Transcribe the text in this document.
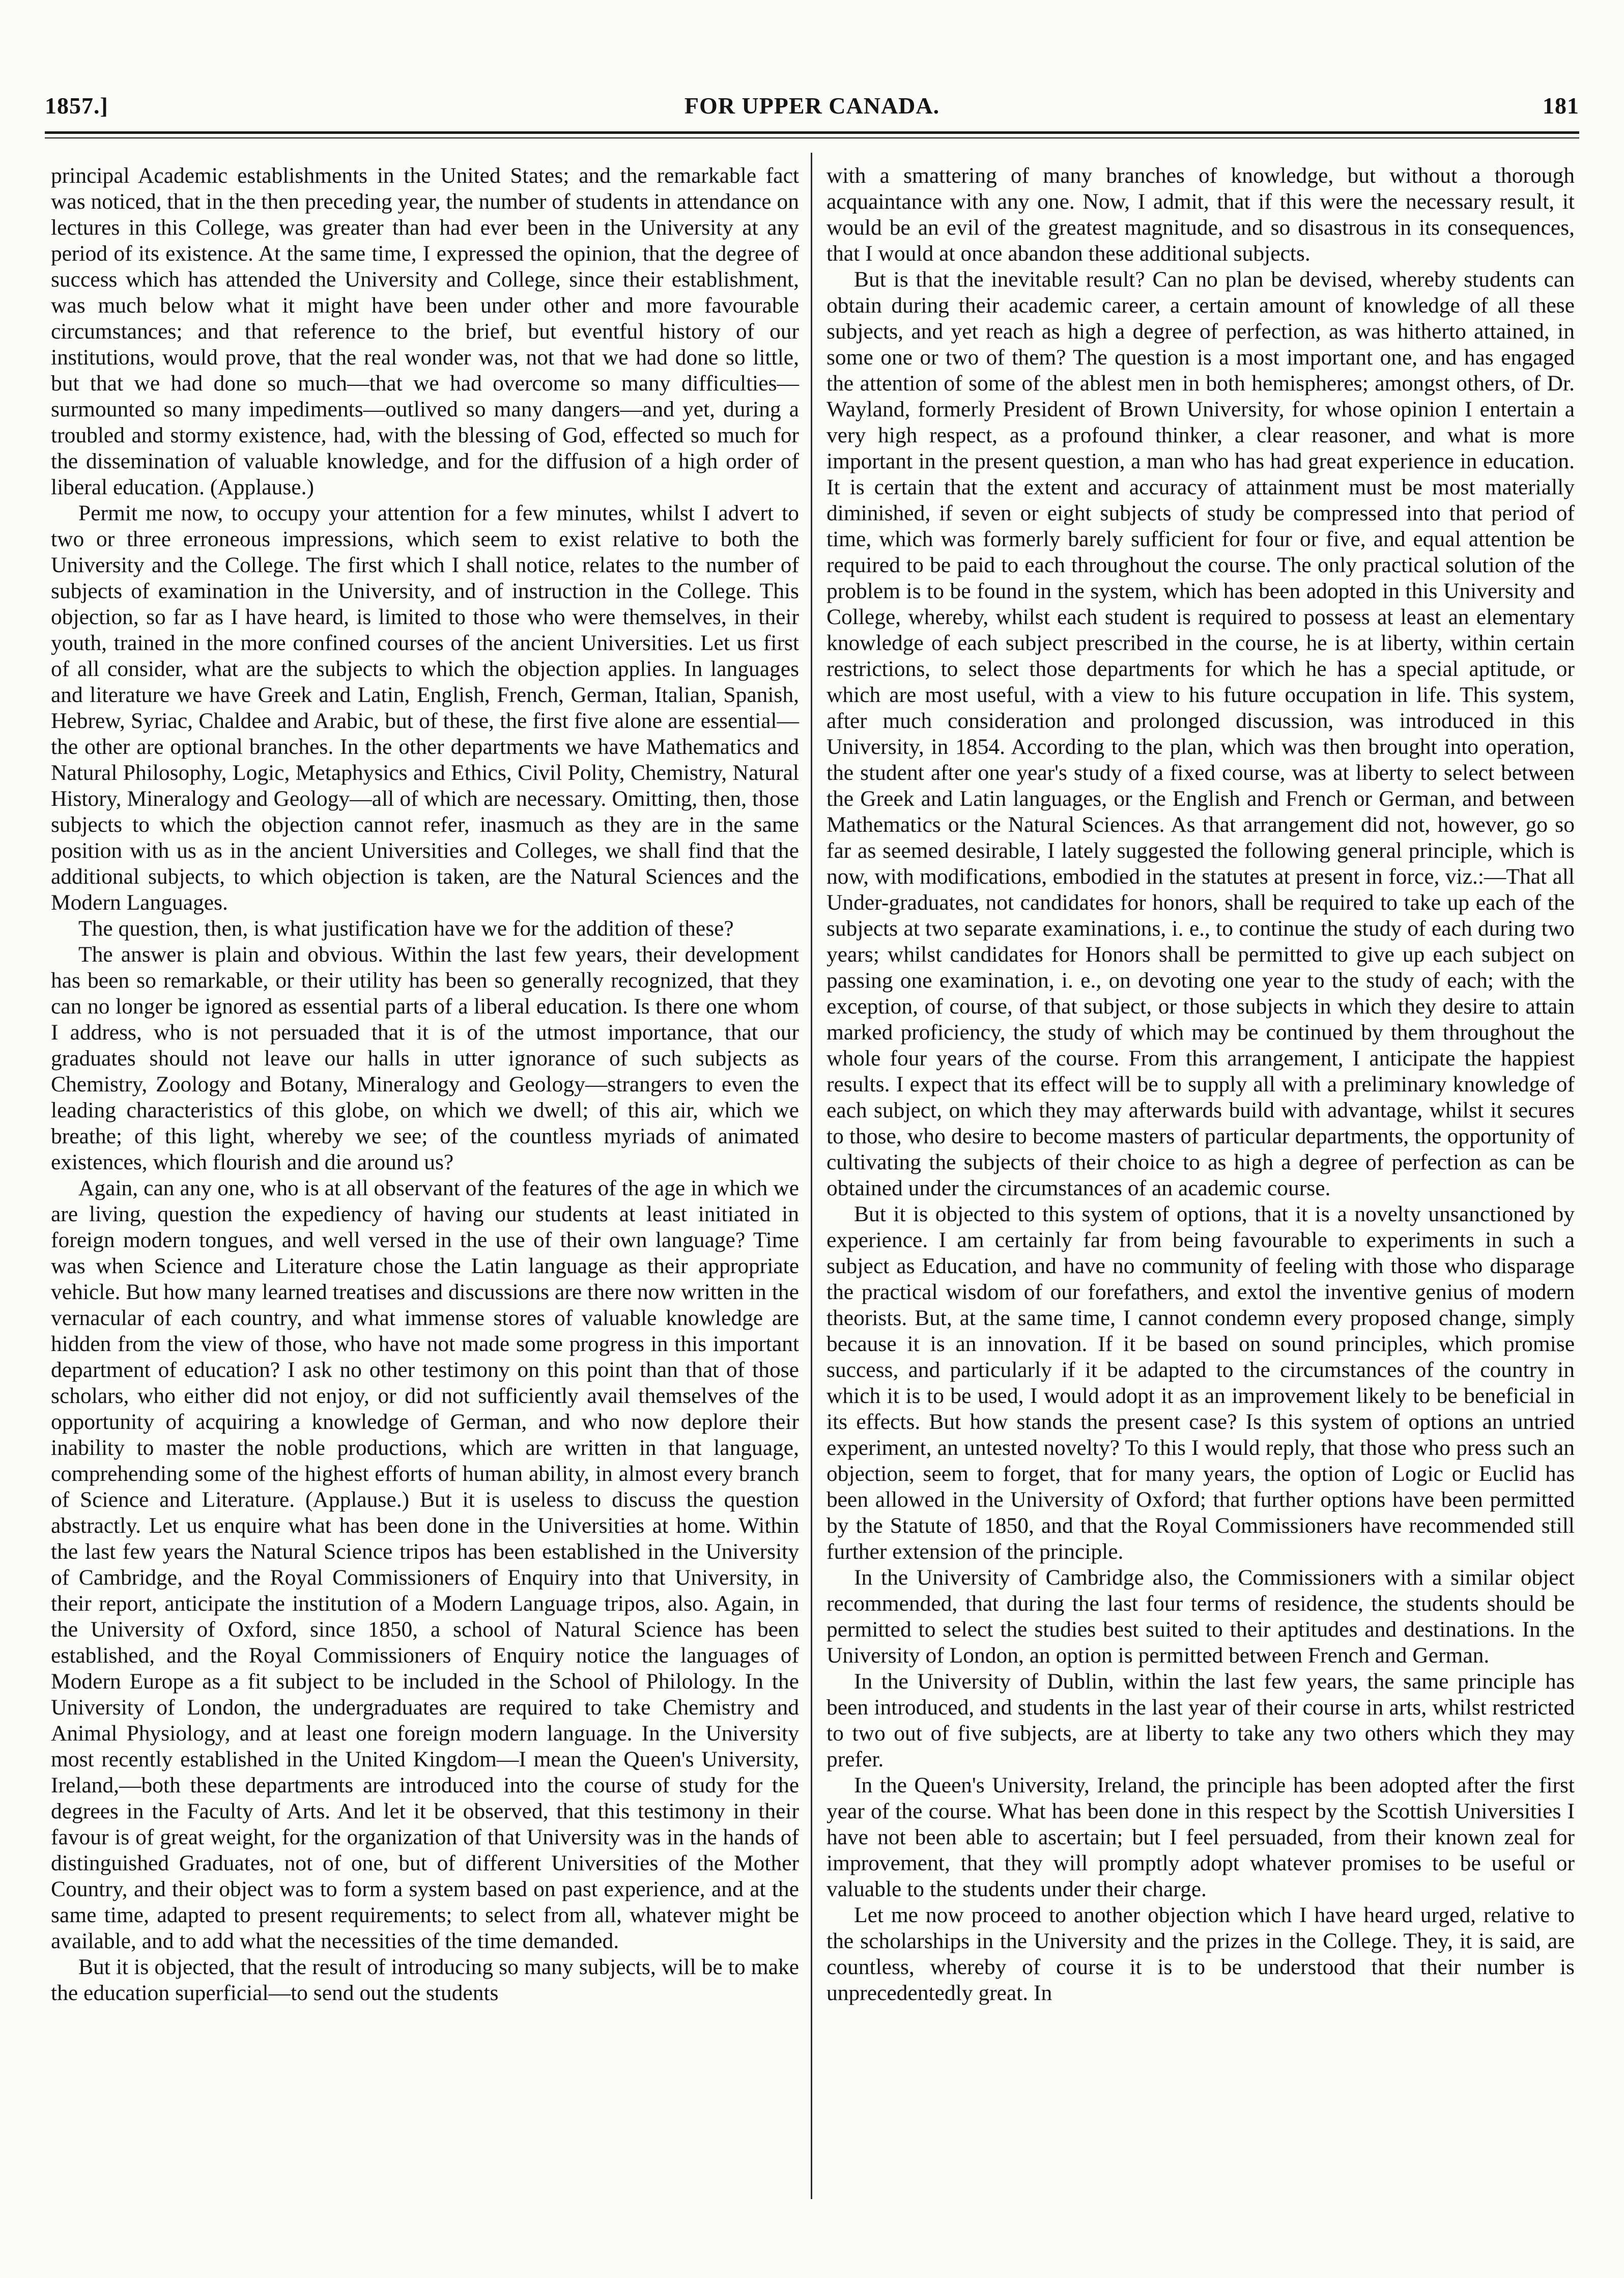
1857.]	FOR UPPER CANADA.	181

principal Academic establishments in the United States; and the remarkable fact was noticed, that in the then preceding year, the number of students in attendance on lectures in this College, was greater than had ever been in the University at any period of its existence. At the same time, I expressed the opinion, that the degree of success which has attended the University and College, since their establishment, was much below what it might have been under other and more favourable circumstances; and that reference to the brief, but eventful history of our institutions, would prove, that the real wonder was, not that we had done so little, but that we had done so much—that we had overcome so many difficulties—surmounted so many impediments—outlived so many dangers—and yet, during a troubled and stormy existence, had, with the blessing of God, effected so much for the dissemination of valuable knowledge, and for the diffusion of a high order of liberal education. (Applause.)

Permit me now, to occupy your attention for a few minutes, whilst I advert to two or three erroneous impressions, which seem to exist relative to both the University and the College. The first which I shall notice, relates to the number of subjects of examination in the University, and of instruction in the College. This objection, so far as I have heard, is limited to those who were themselves, in their youth, trained in the more confined courses of the ancient Universities. Let us first of all consider, what are the subjects to which the objection applies. In languages and literature we have Greek and Latin, English, French, German, Italian, Spanish, Hebrew, Syriac, Chaldee and Arabic, but of these, the first five alone are essential—the other are optional branches. In the other departments we have Mathematics and Natural Philosophy, Logic, Metaphysics and Ethics, Civil Polity, Chemistry, Natural History, Mineralogy and Geology—all of which are necessary. Omitting, then, those subjects to which the objection cannot refer, inasmuch as they are in the same position with us as in the ancient Universities and Colleges, we shall find that the additional subjects, to which objection is taken, are the Natural Sciences and the Modern Languages.

The question, then, is what justification have we for the addition of these?

The answer is plain and obvious. Within the last few years, their development has been so remarkable, or their utility has been so generally recognized, that they can no longer be ignored as essential parts of a liberal education. Is there one whom I address, who is not persuaded that it is of the utmost importance, that our graduates should not leave our halls in utter ignorance of such subjects as Chemistry, Zoology and Botany, Mineralogy and Geology—strangers to even the leading characteristics of this globe, on which we dwell; of this air, which we breathe; of this light, whereby we see; of the countless myriads of animated existences, which flourish and die around us?

Again, can any one, who is at all observant of the features of the age in which we are living, question the expediency of having our students at least initiated in foreign modern tongues, and well versed in the use of their own language? Time was when Science and Literature chose the Latin language as their appropriate vehicle. But how many learned treatises and discussions are there now written in the vernacular of each country, and what immense stores of valuable knowledge are hidden from the view of those, who have not made some progress in this important department of education? I ask no other testimony on this point than that of those scholars, who either did not enjoy, or did not sufficiently avail themselves of the opportunity of acquiring a knowledge of German, and who now deplore their inability to master the noble productions, which are written in that language, comprehending some of the highest efforts of human ability, in almost every branch of Science and Literature. (Applause.) But it is useless to discuss the question abstractly. Let us enquire what has been done in the Universities at home. Within the last few years the Natural Science tripos has been established in the University of Cambridge, and the Royal Commissioners of Enquiry into that University, in their report, anticipate the institution of a Modern Language tripos, also. Again, in the University of Oxford, since 1850, a school of Natural Science has been established, and the Royal Commissioners of Enquiry notice the languages of Modern Europe as a fit subject to be included in the School of Philology. In the University of London, the undergraduates are required to take Chemistry and Animal Physiology, and at least one foreign modern language. In the University most recently established in the United Kingdom—I mean the Queen's University, Ireland,—both these departments are introduced into the course of study for the degrees in the Faculty of Arts. And let it be observed, that this testimony in their favour is of great weight, for the organization of that University was in the hands of distinguished Graduates, not of one, but of different Universities of the Mother Country, and their object was to form a system based on past experience, and at the same time, adapted to present requirements; to select from all, whatever might be available, and to add what the necessities of the time demanded.

But it is objected, that the result of introducing so many subjects, will be to make the education superficial—to send out the students

with a smattering of many branches of knowledge, but without a thorough acquaintance with any one. Now, I admit, that if this were the necessary result, it would be an evil of the greatest magnitude, and so disastrous in its consequences, that I would at once abandon these additional subjects.

But is that the inevitable result? Can no plan be devised, whereby students can obtain during their academic career, a certain amount of knowledge of all these subjects, and yet reach as high a degree of perfection, as was hitherto attained, in some one or two of them? The question is a most important one, and has engaged the attention of some of the ablest men in both hemispheres; amongst others, of Dr. Wayland, formerly President of Brown University, for whose opinion I entertain a very high respect, as a profound thinker, a clear reasoner, and what is more important in the present question, a man who has had great experience in education. It is certain that the extent and accuracy of attainment must be most materially diminished, if seven or eight subjects of study be compressed into that period of time, which was formerly barely sufficient for four or five, and equal attention be required to be paid to each throughout the course. The only practical solution of the problem is to be found in the system, which has been adopted in this University and College, whereby, whilst each student is required to possess at least an elementary knowledge of each subject prescribed in the course, he is at liberty, within certain restrictions, to select those departments for which he has a special aptitude, or which are most useful, with a view to his future occupation in life. This system, after much consideration and prolonged discussion, was introduced in this University, in 1854. According to the plan, which was then brought into operation, the student after one year's study of a fixed course, was at liberty to select between the Greek and Latin languages, or the English and French or German, and between Mathematics or the Natural Sciences. As that arrangement did not, however, go so far as seemed desirable, I lately suggested the following general principle, which is now, with modifications, embodied in the statutes at present in force, viz.:—That all Under-graduates, not candidates for honors, shall be required to take up each of the subjects at two separate examinations, i. e., to continue the study of each during two years; whilst candidates for Honors shall be permitted to give up each subject on passing one examination, i. e., on devoting one year to the study of each; with the exception, of course, of that subject, or those subjects in which they desire to attain marked proficiency, the study of which may be continued by them throughout the whole four years of the course. From this arrangement, I anticipate the happiest results. I expect that its effect will be to supply all with a preliminary knowledge of each subject, on which they may afterwards build with advantage, whilst it secures to those, who desire to become masters of particular departments, the opportunity of cultivating the subjects of their choice to as high a degree of perfection as can be obtained under the circumstances of an academic course.

But it is objected to this system of options, that it is a novelty unsanctioned by experience. I am certainly far from being favourable to experiments in such a subject as Education, and have no community of feeling with those who disparage the practical wisdom of our forefathers, and extol the inventive genius of modern theorists. But, at the same time, I cannot condemn every proposed change, simply because it is an innovation. If it be based on sound principles, which promise success, and particularly if it be adapted to the circumstances of the country in which it is to be used, I would adopt it as an improvement likely to be beneficial in its effects. But how stands the present case? Is this system of options an untried experiment, an untested novelty? To this I would reply, that those who press such an objection, seem to forget, that for many years, the option of Logic or Euclid has been allowed in the University of Oxford; that further options have been permitted by the Statute of 1850, and that the Royal Commissioners have recommended still further extension of the principle.

In the University of Cambridge also, the Commissioners with a similar object recommended, that during the last four terms of residence, the students should be permitted to select the studies best suited to their aptitudes and destinations. In the University of London, an option is permitted between French and German.

In the University of Dublin, within the last few years, the same principle has been introduced, and students in the last year of their course in arts, whilst restricted to two out of five subjects, are at liberty to take any two others which they may prefer.

In the Queen's University, Ireland, the principle has been adopted after the first year of the course. What has been done in this respect by the Scottish Universities I have not been able to ascertain; but I feel persuaded, from their known zeal for improvement, that they will promptly adopt whatever promises to be useful or valuable to the students under their charge.

Let me now proceed to another objection which I have heard urged, relative to the scholarships in the University and the prizes in the College. They, it is said, are countless, whereby of course it is to be understood that their number is unprecedentedly great. In
